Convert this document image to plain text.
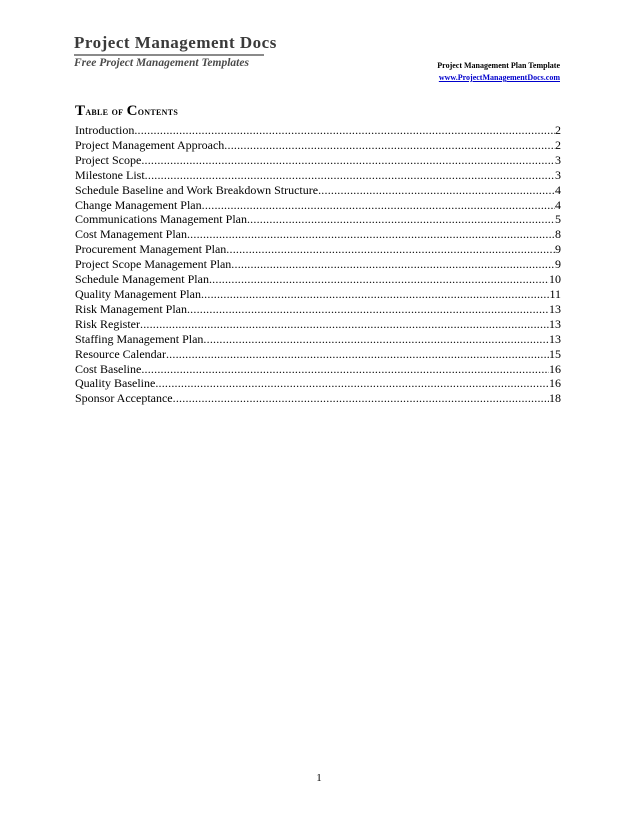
Project Management Docs
Free Project Management Templates	Project Management Plan Template
www.ProjectManagementDocs.com
Table of Contents
Introduction .....	2
Project Management Approach .....	2
Project Scope .....	3
Milestone List .....	3
Schedule Baseline and Work Breakdown Structure .....	4
Change Management Plan .....	4
Communications Management Plan .....	5
Cost Management Plan .....	8
Procurement Management Plan .....	9
Project Scope Management Plan .....	9
Schedule Management Plan .....	10
Quality Management Plan .....	11
Risk Management Plan .....	13
Risk Register .....	13
Staffing Management Plan .....	13
Resource Calendar .....	15
Cost Baseline .....	16
Quality Baseline .....	16
Sponsor Acceptance .....	18
1
